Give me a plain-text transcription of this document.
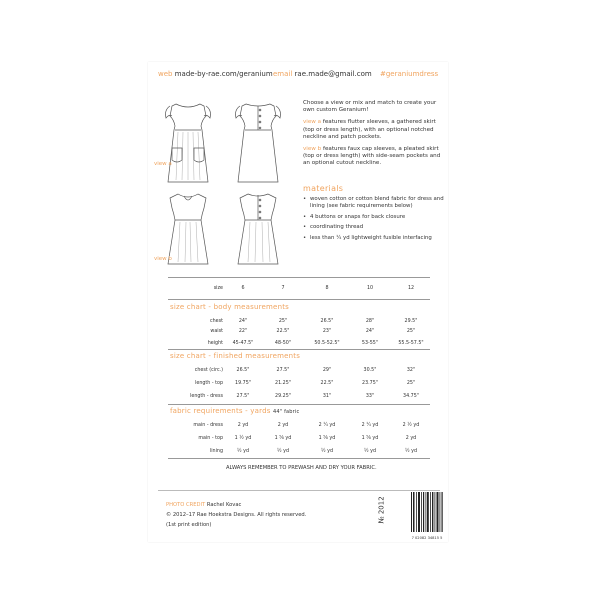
web made-by-rae.com/geranium email rae.made@gmail.com #geraniumdress
view a
view b

Choose a view or mix and match to create your own custom Geranium!

view a features flutter sleeves, a gathered skirt (top or dress length), with an optional notched neckline and patch pockets.

view b features faux cap sleeves, a pleated skirt (top or dress length) with side-seam pockets and an optional cutout neckline.

materials
• woven cotton or cotton blend fabric for dress and lining (see fabric requirements below)
• 4 buttons or snaps for back closure
• coordinating thread
• less than ¼ yd lightweight fusible interfacing
size	6	7	8	10	12
size chart - body measurements
chest	24"	25"	26.5"	28"	29.5"
waist	22"	22.5"	23"	24"	25"
height	45-47.5"	48-50"	50.5-52.5"	53-55"	55.5-57.5"
size chart - finished measurements
chest (circ.)	26.5"	27.5"	29"	30.5"	32"
length - top	19.75"	21.25"	22.5"	23.75"	25"
length - dress	27.5"	29.25"	31"	33"	34.75"
fabric requirements - yards 44" fabric
main - dress	2 yd	2 yd	2 ¼ yd	2 ¼ yd	2 ½ yd
main - top	1 ½ yd	1 ⅝ yd	1 ⅝ yd	1 ⅝ yd	2 yd
lining	½ yd	½ yd	½ yd	½ yd	½ yd
ALWAYS REMEMBER TO PREWASH AND DRY YOUR FABRIC.
PHOTO CREDIT Rachel Kovac
© 2012–17 Rae Hoekstra Designs. All rights reserved.
(1st print edition)
№ 2012
7 02082 34815 5
